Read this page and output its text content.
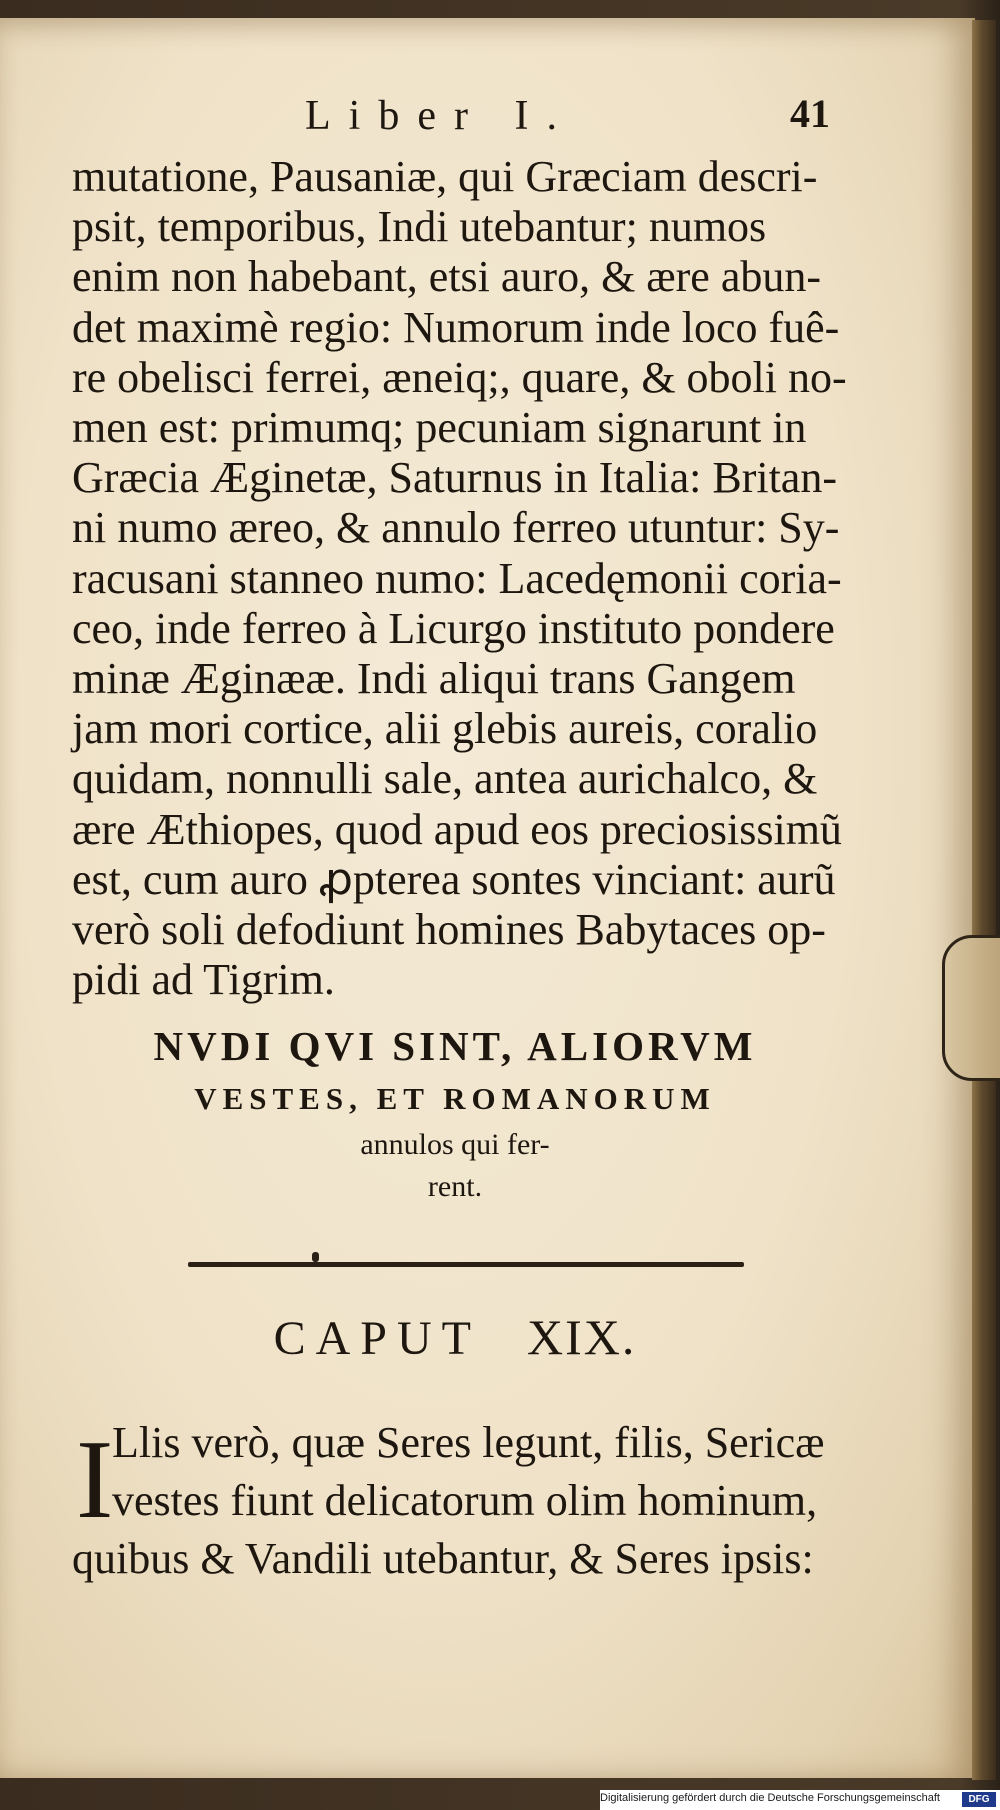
Liber I.	41
mutatione, Pausaniæ, qui Græciam descri-
psit, temporibus, Indi utebantur; numos
enim non habebant, etsi auro, & ære abun-
det maximè regio: Numorum inde loco fuê-
re obelisci ferrei, æneiq;, quare, & oboli no-
men est: primumq; pecuniam signarunt in
Græcia Æginetæ, Saturnus in Italia: Britan-
ni numo æreo, & annulo ferreo utuntur: Sy-
racusani stanneo numo: Lacedęmonii coria-
ceo, inde ferreo à Licurgo instituto pondere
minæ Æginææ. Indi aliqui trans Gangem
jam mori cortice, alii glebis aureis, coralio
quidam, nonnulli sale, antea aurichalco, &
ære Æthiopes, quod apud eos preciosissimũ
est, cum auro ꝓpterea sontes vinciant: aurũ
verò soli defodiunt homines Babytaces op-
pidi ad Tigrim.
NVDI QVI SINT, ALIORVM
VESTES, ET ROMANORUM
annulos qui fer-
rent.
CAPUT XIX.
I
Llis verò, quæ Seres legunt, filis, Sericæ
vestes fiunt delicatorum olim hominum,
quibus & Vandili utebantur, & Seres ipsis:
Digitalisierung gefördert durch die Deutsche Forschungsgemeinschaft	DFG
